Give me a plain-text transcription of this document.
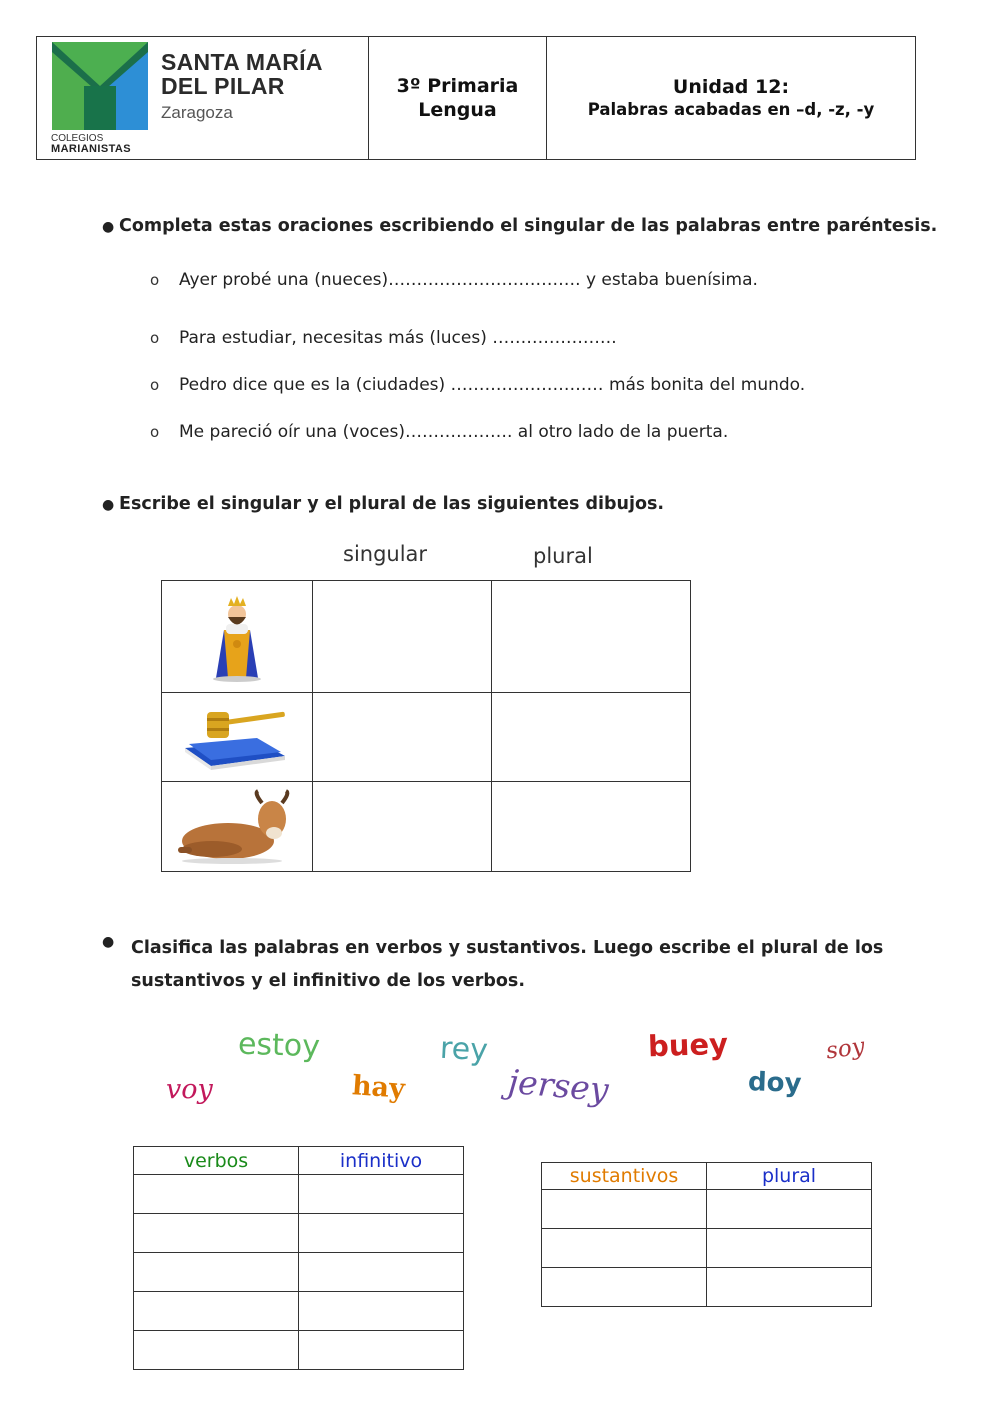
SANTA MARÍA
DEL PILAR
Zaragoza
COLEGIOS
MARIANISTAS
3º Primaria
Lengua
Unidad 12:
Palabras acabadas en –d, -z, -y
● Completa estas oraciones escribiendo el singular de las palabras entre paréntesis.
o Ayer probé una (nueces)……………………………. y estaba buenísima.
o Para estudiar, necesitas más (luces) ………………….
o Pedro dice que es la (ciudades) ……………………… más bonita del mundo.
o Me pareció oír una (voces)………………. al otro lado de la puerta.
● Escribe el singular y el plural de las siguientes dibujos.
singular	plural

● Clasifica las palabras en verbos y sustantivos. Luego escribe el plural de los
sustantivos y el infinitivo de los verbos.
estoy	rey	buey	soy
voy	hay	jersey	doy
verbos	infinitivo

sustantivos	plural
